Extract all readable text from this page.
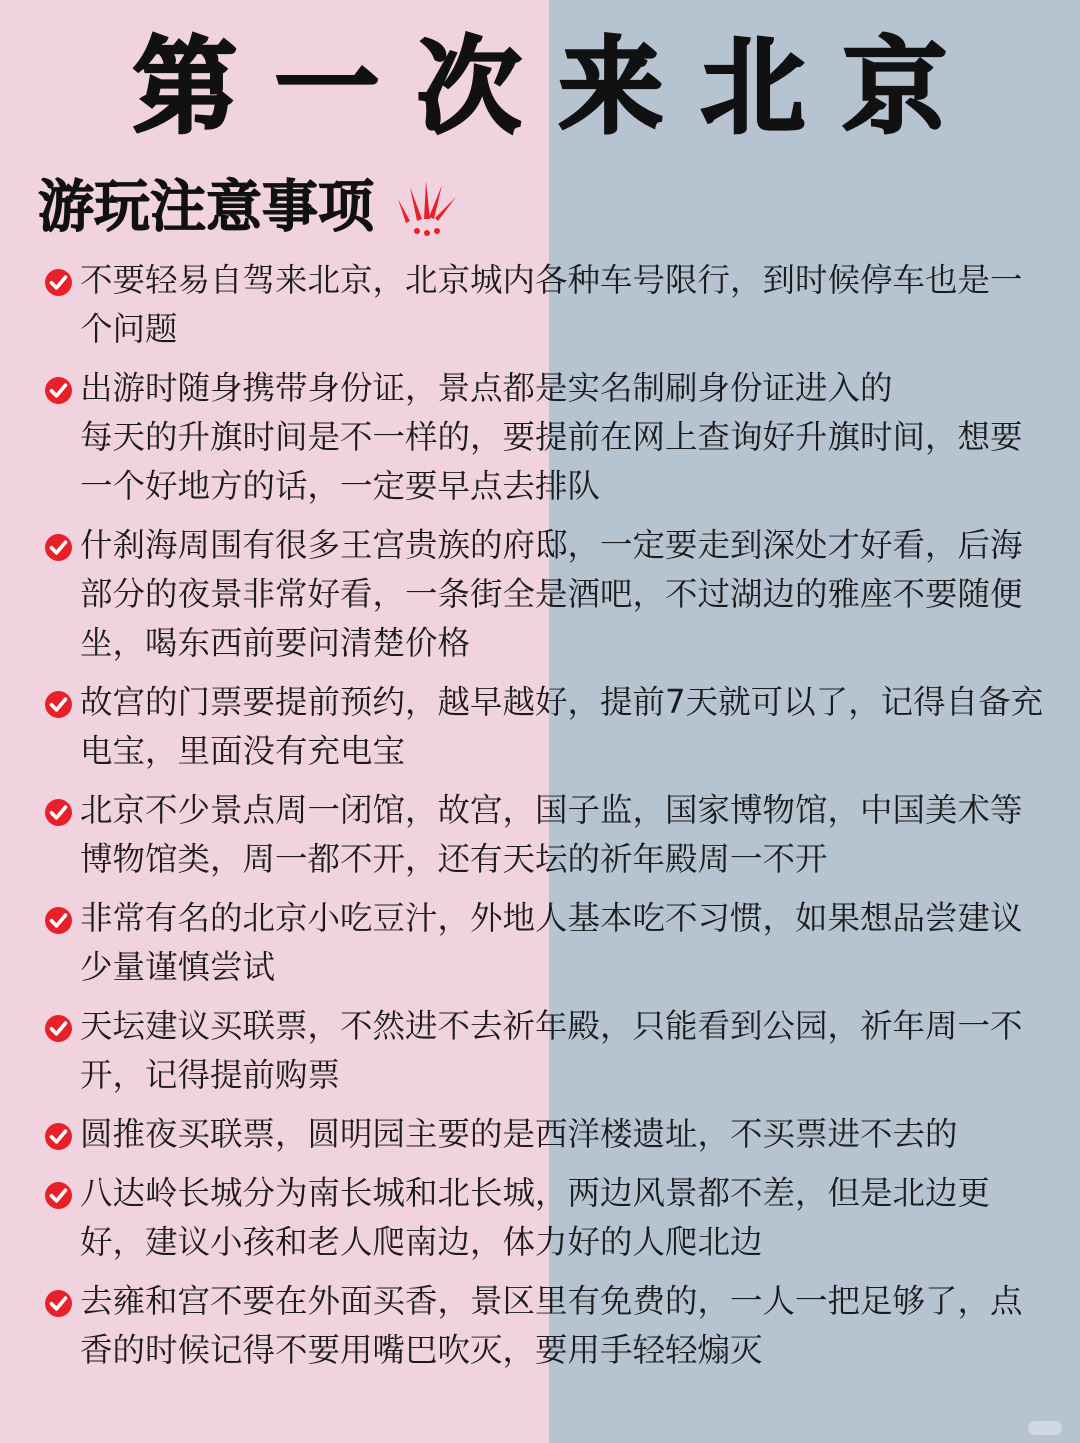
第一次来北京
游玩注意事项
不要轻易自驾来北京，北京城内各种车号限行，到时候停车也是一个问题
出游时随身携带身份证，景点都是实名制刷身份证进入的
每天的升旗时间是不一样的，要提前在网上查询好升旗时间，想要一个好地方的话，一定要早点去排队
什刹海周围有很多王宫贵族的府邸，一定要走到深处才好看，后海部分的夜景非常好看，一条街全是酒吧，不过湖边的雅座不要随便坐，喝东西前要问清楚价格
故宫的门票要提前预约，越早越好，提前7天就可以了，记得自备充电宝，里面没有充电宝
北京不少景点周一闭馆，故宫，国子监，国家博物馆，中国美术等博物馆类，周一都不开，还有天坛的祈年殿周一不开
非常有名的北京小吃豆汁，外地人基本吃不习惯，如果想品尝建议少量谨慎尝试
天坛建议买联票，不然进不去祈年殿，只能看到公园，祈年周一不开，记得提前购票
圆推夜买联票，圆明园主要的是西洋楼遗址，不买票进不去的
八达岭长城分为南长城和北长城，两边风景都不差，但是北边更好，建议小孩和老人爬南边，体力好的人爬北边
去雍和宫不要在外面买香，景区里有免费的，一人一把足够了，点香的时候记得不要用嘴巴吹灭，要用手轻轻煽灭
